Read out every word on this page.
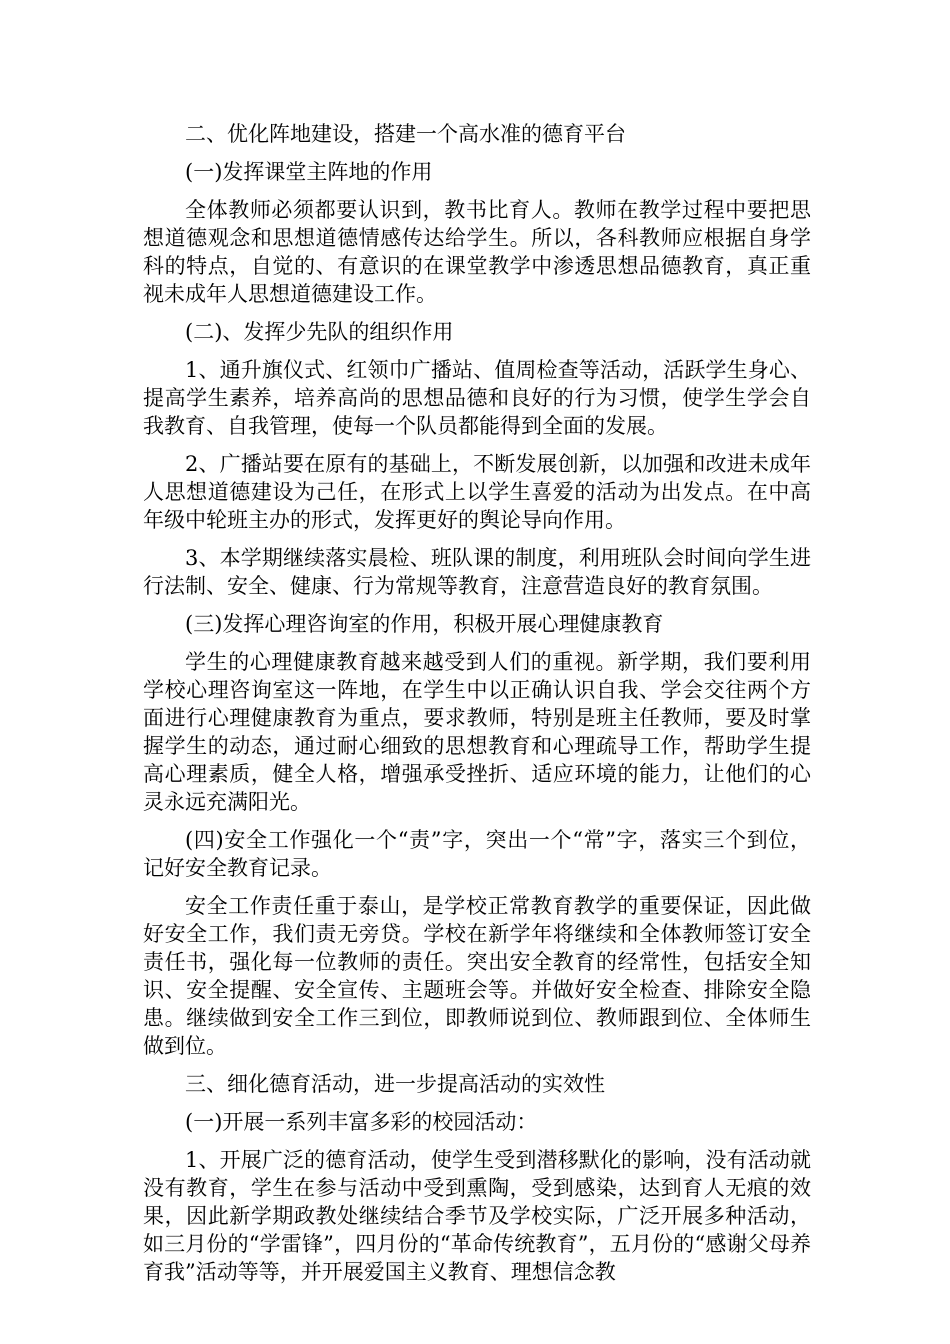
二、优化阵地建设，搭建一个高水准的德育平台

(一)发挥课堂主阵地的作用

全体教师必须都要认识到，教书比育人。教师在教学过程中要把思想道德观念和思想道德情感传达给学生。所以，各科教师应根据自身学科的特点，自觉的、有意识的在课堂教学中渗透思想品德教育，真正重视未成年人思想道德建设工作。

(二)、发挥少先队的组织作用

1、通升旗仪式、红领巾广播站、值周检查等活动，活跃学生身心、提高学生素养，培养高尚的思想品德和良好的行为习惯，使学生学会自我教育、自我管理，使每一个队员都能得到全面的发展。

2、广播站要在原有的基础上，不断发展创新，以加强和改进未成年人思想道德建设为己任，在形式上以学生喜爱的活动为出发点。在中高年级中轮班主办的形式，发挥更好的舆论导向作用。

3、本学期继续落实晨检、班队课的制度，利用班队会时间向学生进行法制、安全、健康、行为常规等教育，注意营造良好的教育氛围。

(三)发挥心理咨询室的作用，积极开展心理健康教育

学生的心理健康教育越来越受到人们的重视。新学期，我们要利用学校心理咨询室这一阵地，在学生中以正确认识自我、学会交往两个方面进行心理健康教育为重点，要求教师，特别是班主任教师，要及时掌握学生的动态，通过耐心细致的思想教育和心理疏导工作，帮助学生提高心理素质，健全人格，增强承受挫折、适应环境的能力，让他们的心灵永远充满阳光。

(四)安全工作强化一个“责”字，突出一个“常”字，落实三个到位，记好安全教育记录。

安全工作责任重于泰山，是学校正常教育教学的重要保证，因此做好安全工作，我们责无旁贷。学校在新学年将继续和全体教师签订安全责任书，强化每一位教师的责任。突出安全教育的经常性，包括安全知识、安全提醒、安全宣传、主题班会等。并做好安全检查、排除安全隐患。继续做到安全工作三到位，即教师说到位、教师跟到位、全体师生做到位。

三、细化德育活动，进一步提高活动的实效性

(一)开展一系列丰富多彩的校园活动：

1、开展广泛的德育活动，使学生受到潜移默化的影响，没有活动就没有教育，学生在参与活动中受到熏陶，受到感染，达到育人无痕的效果，因此新学期政教处继续结合季节及学校实际，广泛开展多种活动，如三月份的“学雷锋”，四月份的“革命传统教育”，五月份的“感谢父母养育我”活动等等，并开展爱国主义教育、理想信念教
